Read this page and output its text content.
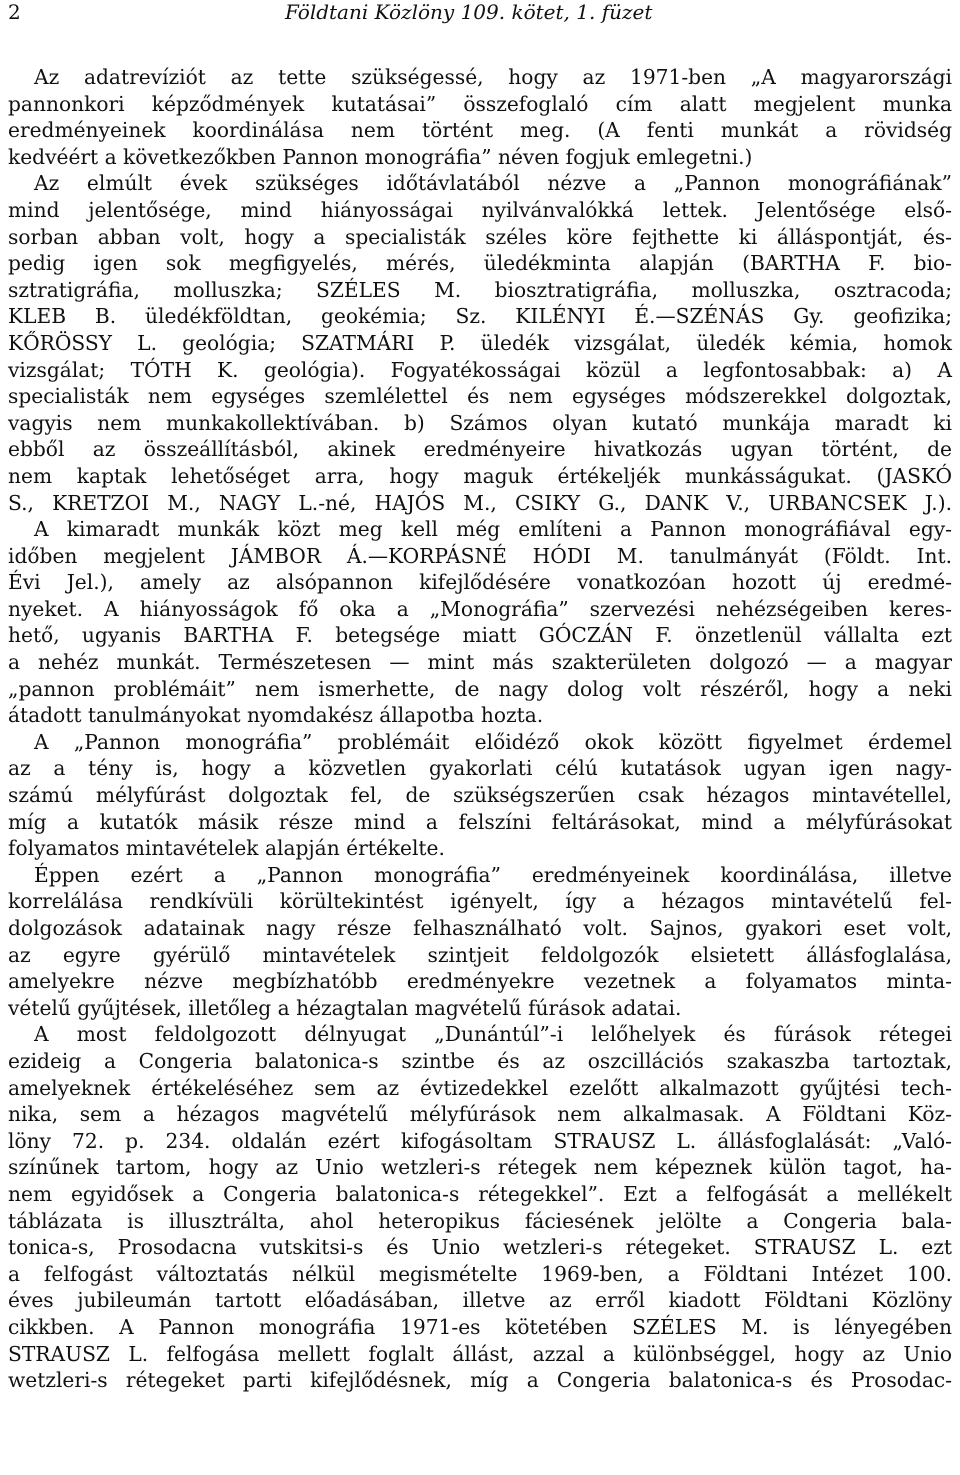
2	Földtani Közlöny 109. kötet, 1. füzet
Az adatrevíziót az tette szükségessé, hogy az 1971-ben „A magyarországi
pannonkori képződmények kutatásai” összefoglaló cím alatt megjelent munka
eredményeinek koordinálása nem történt meg. (A fenti munkát a rövidség
kedvéért a következőkben Pannon monográfia” néven fogjuk emlegetni.)
Az elmúlt évek szükséges időtávlatából nézve a „Pannon monográfiának”
mind jelentősége, mind hiányosságai nyilvánvalókká lettek. Jelentősége első-
sorban abban volt, hogy a specialisták széles köre fejthette ki álláspontját, és-
pedig igen sok megfigyelés, mérés, üledékminta alapján (BARTHA F. bio-
sztratigráfia, molluszka; SZÉLES M. biosztratigráfia, molluszka, osztracoda;
KLEB B. üledékföldtan, geokémia; Sz. KILÉNYI É.—SZÉNÁS Gy. geofizika;
KŐRÖSSY L. geológia; SZATMÁRI P. üledék vizsgálat, üledék kémia, homok
vizsgálat; TÓTH K. geológia). Fogyatékosságai közül a legfontosabbak: a) A
specialisták nem egységes szemlélettel és nem egységes módszerekkel dolgoztak,
vagyis nem munkakollektívában. b) Számos olyan kutató munkája maradt ki
ebből az összeállításból, akinek eredményeire hivatkozás ugyan történt, de
nem kaptak lehetőséget arra, hogy maguk értékeljék munkásságukat. (JASKÓ
S., KRETZOI M., NAGY L.-né, HAJÓS M., CSIKY G., DANK V., URBANCSEK J.).
A kimaradt munkák közt meg kell még említeni a Pannon monográfiával egy-
időben megjelent JÁMBOR Á.—KORPÁSNÉ HÓDI M. tanulmányát (Földt. Int.
Évi Jel.), amely az alsópannon kifejlődésére vonatkozóan hozott új eredmé-
nyeket. A hiányosságok fő oka a „Monográfia” szervezési nehézségeiben keres-
hető, ugyanis BARTHA F. betegsége miatt GÓCZÁN F. önzetlenül vállalta ezt
a nehéz munkát. Természetesen — mint más szakterületen dolgozó — a magyar
„pannon problémáit” nem ismerhette, de nagy dolog volt részéről, hogy a neki
átadott tanulmányokat nyomdakész állapotba hozta.
A „Pannon monográfia” problémáit előidéző okok között figyelmet érdemel
az a tény is, hogy a közvetlen gyakorlati célú kutatások ugyan igen nagy-
számú mélyfúrást dolgoztak fel, de szükségszerűen csak hézagos mintavétellel,
míg a kutatók másik része mind a felszíni feltárásokat, mind a mélyfúrásokat
folyamatos mintavételek alapján értékelte.
Éppen ezért a „Pannon monográfia” eredményeinek koordinálása, illetve
korrelálása rendkívüli körültekintést igényelt, így a hézagos mintavételű fel-
dolgozások adatainak nagy része felhasználható volt. Sajnos, gyakori eset volt,
az egyre gyérülő mintavételek szintjeit feldolgozók elsietett állásfoglalása,
amelyekre nézve megbízhatóbb eredményekre vezetnek a folyamatos minta-
vételű gyűjtések, illetőleg a hézagtalan magvételű fúrások adatai.
A most feldolgozott délnyugat „Dunántúl”-i lelőhelyek és fúrások rétegei
ezideig a Congeria balatonica-s szintbe és az oszcillációs szakaszba tartoztak,
amelyeknek értékeléséhez sem az évtizedekkel ezelőtt alkalmazott gyűjtési tech-
nika, sem a hézagos magvételű mélyfúrások nem alkalmasak. A Földtani Köz-
löny 72. p. 234. oldalán ezért kifogásoltam STRAUSZ L. állásfoglalását: „Való-
színűnek tartom, hogy az Unio wetzleri-s rétegek nem képeznek külön tagot, ha-
nem egyidősek a Congeria balatonica-s rétegekkel”. Ezt a felfogását a mellékelt
táblázata is illusztrálta, ahol heteropikus fáciesének jelölte a Congeria bala-
tonica-s, Prosodacna vutskitsi-s és Unio wetzleri-s rétegeket. STRAUSZ L. ezt
a felfogást változtatás nélkül megismételte 1969-ben, a Földtani Intézet 100.
éves jubileumán tartott előadásában, illetve az erről kiadott Földtani Közlöny
cikkben. A Pannon monográfia 1971-es kötetében SZÉLES M. is lényegében
STRAUSZ L. felfogása mellett foglalt állást, azzal a különbséggel, hogy az Unio
wetzleri-s rétegeket parti kifejlődésnek, míg a Congeria balatonica-s és Prosodac-
